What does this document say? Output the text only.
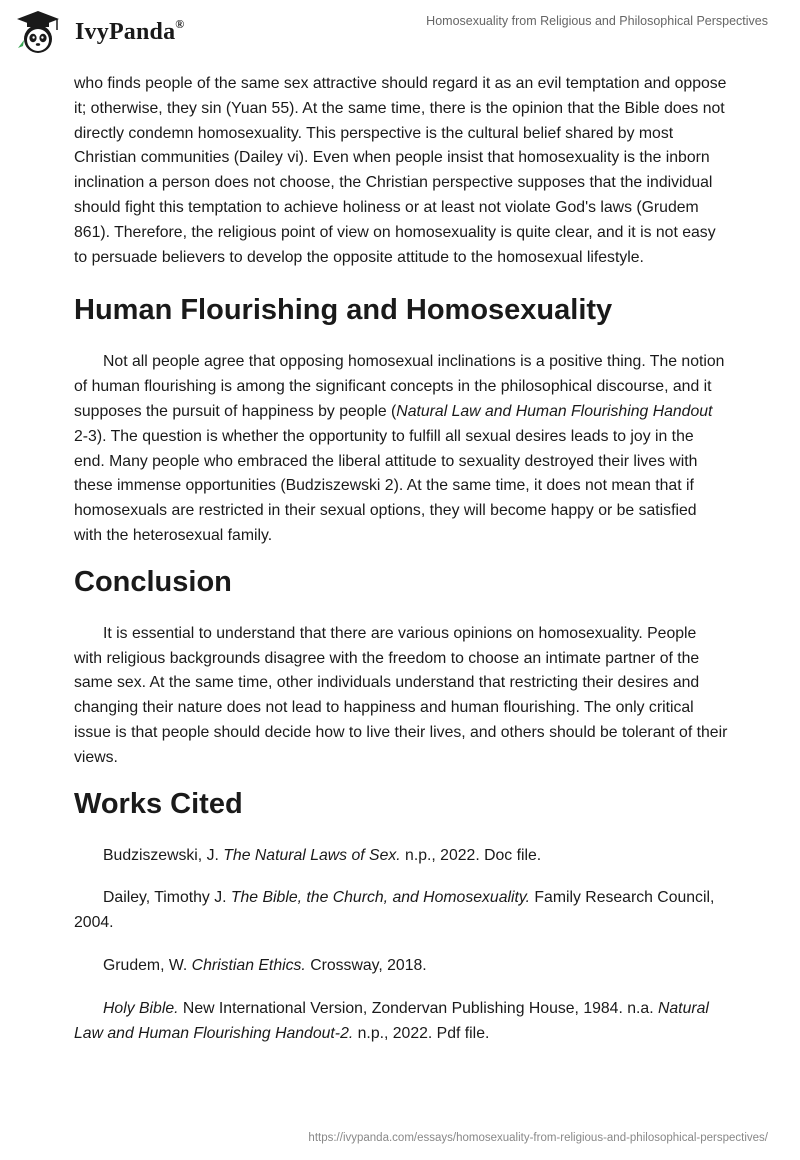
IvyPanda®	Homosexuality from Religious and Philosophical Perspectives

who finds people of the same sex attractive should regard it as an evil temptation and oppose it; otherwise, they sin (Yuan 55). At the same time, there is the opinion that the Bible does not directly condemn homosexuality. This perspective is the cultural belief shared by most Christian communities (Dailey vi). Even when people insist that homosexuality is the inborn inclination a person does not choose, the Christian perspective supposes that the individual should fight this temptation to achieve holiness or at least not violate God's laws (Grudem 861). Therefore, the religious point of view on homosexuality is quite clear, and it is not easy to persuade believers to develop the opposite attitude to the homosexual lifestyle.

Human Flourishing and Homosexuality

Not all people agree that opposing homosexual inclinations is a positive thing. The notion of human flourishing is among the significant concepts in the philosophical discourse, and it supposes the pursuit of happiness by people (Natural Law and Human Flourishing Handout 2-3). The question is whether the opportunity to fulfill all sexual desires leads to joy in the end. Many people who embraced the liberal attitude to sexuality destroyed their lives with these immense opportunities (Budziszewski 2). At the same time, it does not mean that if homosexuals are restricted in their sexual options, they will become happy or be satisfied with the heterosexual family.

Conclusion

It is essential to understand that there are various opinions on homosexuality. People with religious backgrounds disagree with the freedom to choose an intimate partner of the same sex. At the same time, other individuals understand that restricting their desires and changing their nature does not lead to happiness and human flourishing. The only critical issue is that people should decide how to live their lives, and others should be tolerant of their views.

Works Cited

Budziszewski, J. The Natural Laws of Sex. n.p., 2022. Doc file.

Dailey, Timothy J. The Bible, the Church, and Homosexuality. Family Research Council, 2004.

Grudem, W. Christian Ethics. Crossway, 2018.

Holy Bible. New International Version, Zondervan Publishing House, 1984. n.a. Natural Law and Human Flourishing Handout-2. n.p., 2022. Pdf file.

https://ivypanda.com/essays/homosexuality-from-religious-and-philosophical-perspectives/
